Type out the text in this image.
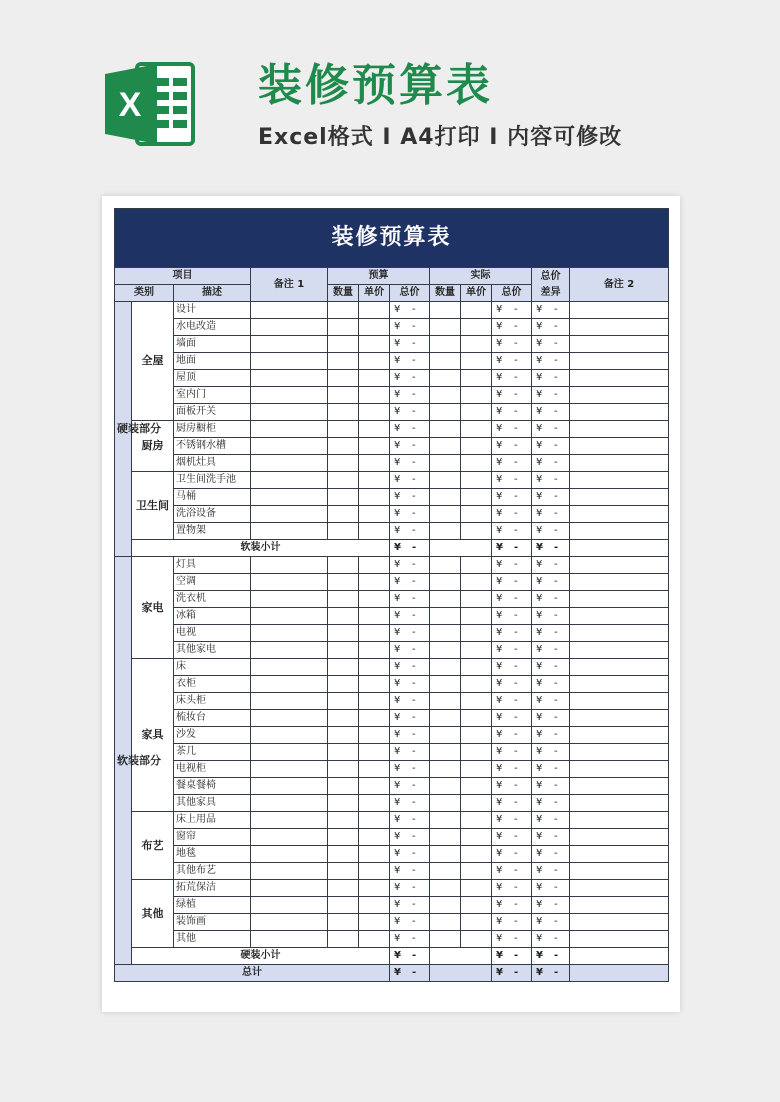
X	装修预算表
Excel格式 I A4打印 I 内容可修改
装修预算表											
项目			备注 1	预算			实际			总价差异	备注 2
类别		描述		数量	单价	总价	数量	单价	总价		

硬装部分	全屋	设计				¥ -			¥ -	¥ -	
		水电改造				¥ -			¥ -	¥ -	
		墙面				¥ -			¥ -	¥ -	
		地面				¥ -			¥ -	¥ -	
		屋顶				¥ -			¥ -	¥ -	
		室内门				¥ -			¥ -	¥ -	
		面板开关				¥ -			¥ -	¥ -	
	厨房	厨房橱柜				¥ -			¥ -	¥ -	
		不锈钢水槽				¥ -			¥ -	¥ -	
		烟机灶具				¥ -			¥ -	¥ -	
	卫生间	卫生间洗手池				¥ -			¥ -	¥ -	
		马桶				¥ -			¥ -	¥ -	
		洗浴设备				¥ -			¥ -	¥ -	
		置物架				¥ -			¥ -	¥ -	
	软装小计					¥ -			¥ -	¥ -	

软装部分	家电	灯具				¥ -			¥ -	¥ -	
		空调				¥ -			¥ -	¥ -	
		洗衣机				¥ -			¥ -	¥ -	
		冰箱				¥ -			¥ -	¥ -	
		电视				¥ -			¥ -	¥ -	
		其他家电				¥ -			¥ -	¥ -	
	家具	床				¥ -			¥ -	¥ -	
		衣柜				¥ -			¥ -	¥ -	
		床头柜				¥ -			¥ -	¥ -	
		梳妆台				¥ -			¥ -	¥ -	
		沙发				¥ -			¥ -	¥ -	
		茶几				¥ -			¥ -	¥ -	
		电视柜				¥ -			¥ -	¥ -	
		餐桌餐椅				¥ -			¥ -	¥ -	
		其他家具				¥ -			¥ -	¥ -	
	布艺	床上用品				¥ -			¥ -	¥ -	
		窗帘				¥ -			¥ -	¥ -	
		地毯				¥ -			¥ -	¥ -	
		其他布艺				¥ -			¥ -	¥ -	
	其他	拓荒保洁				¥ -			¥ -	¥ -	
		绿植				¥ -			¥ -	¥ -	
		装饰画				¥ -			¥ -	¥ -	
		其他				¥ -			¥ -	¥ -	
	硬装小计					¥ -			¥ -	¥ -	
总计						¥ -			¥ -	¥ -	
